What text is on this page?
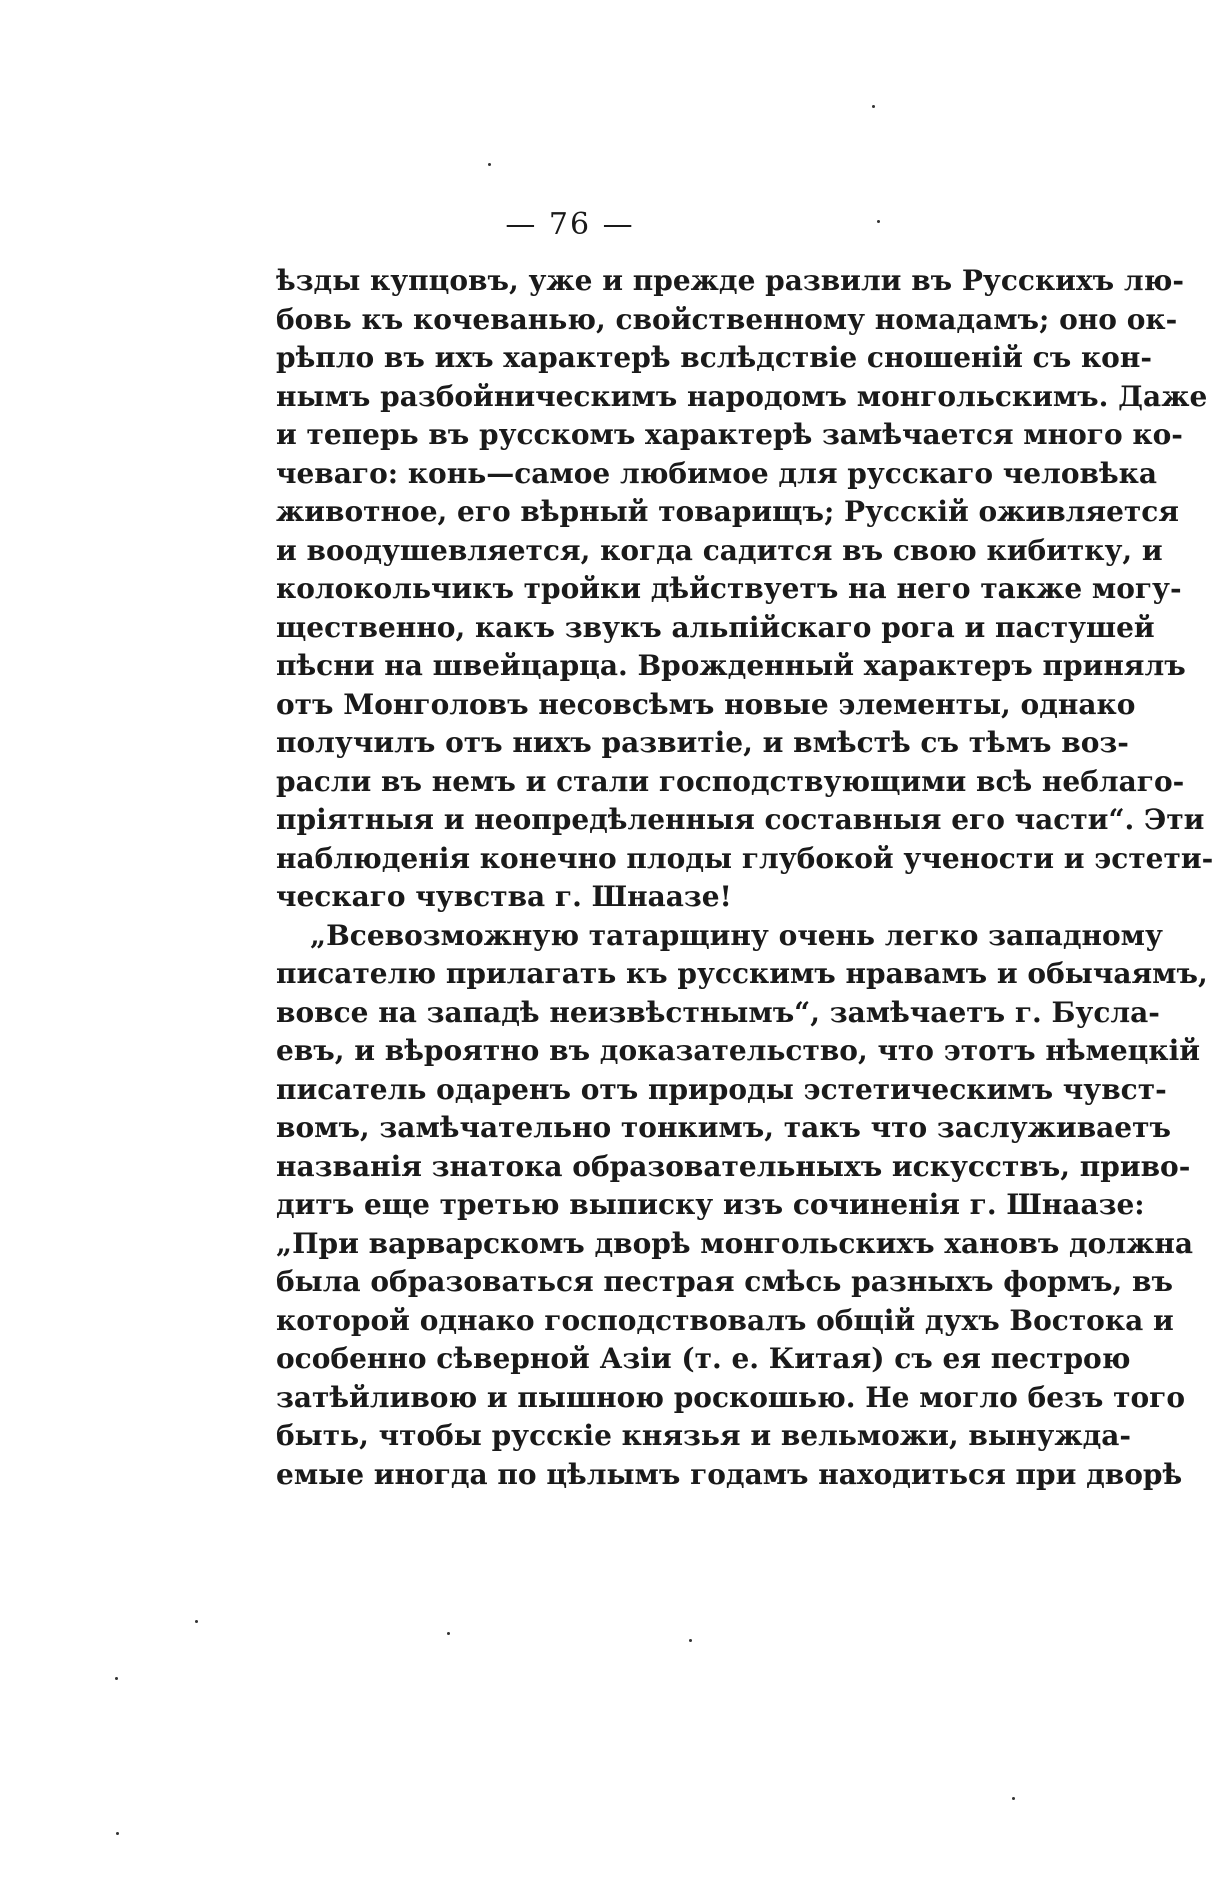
— 76 —
ѣзды купцовъ, уже и прежде развили въ Русскихъ лю-
бовь къ кочеванью, свойственному номадамъ; оно ок-
рѣпло въ ихъ характерѣ вслѣдствіе сношеній съ кон-
нымъ разбойническимъ народомъ монгольскимъ. Даже
и теперь въ русскомъ характерѣ замѣчается много ко-
чеваго: конь—самое любимое для русскаго человѣка
животное, его вѣрный товарищъ; Русскій оживляется
и воодушевляется, когда садится въ свою кибитку, и
колокольчикъ тройки дѣйствуетъ на него также могу-
щественно, какъ звукъ альпійскаго рога и пастушей
пѣсни на швейцарца. Врожденный характеръ принялъ
отъ Монголовъ несовсѣмъ новые элементы, однако
получилъ отъ нихъ развитіе, и вмѣстѣ съ тѣмъ воз-
расли въ немъ и стали господствующими всѣ неблаго-
пріятныя и неопредѣленныя составныя его части“. Эти
наблюденія конечно плоды глубокой учености и эстети-
ческаго чувства г. Шнаазе!
„Всевозможную татарщину очень легко западному
писателю прилагать къ русскимъ нравамъ и обычаямъ,
вовсе на западѣ неизвѣстнымъ“, замѣчаетъ г. Бусла-
евъ, и вѣроятно въ доказательство, что этотъ нѣмецкій
писатель одаренъ отъ природы эстетическимъ чувст-
вомъ, замѣчательно тонкимъ, такъ что заслуживаетъ
названія знатока образовательныхъ искусствъ, приво-
дитъ еще третью выписку изъ сочиненія г. Шнаазе:
„При варварскомъ дворѣ монгольскихъ хановъ должна
была образоваться пестрая смѣсь разныхъ формъ, въ
которой однако господствовалъ общій духъ Востока и
особенно сѣверной Азіи (т. е. Китая) съ ея пестрою
затѣйливою и пышною роскошью. Не могло безъ того
быть, чтобы русскіе князья и вельможи, вынужда-
емые иногда по цѣлымъ годамъ находиться при дворѣ
